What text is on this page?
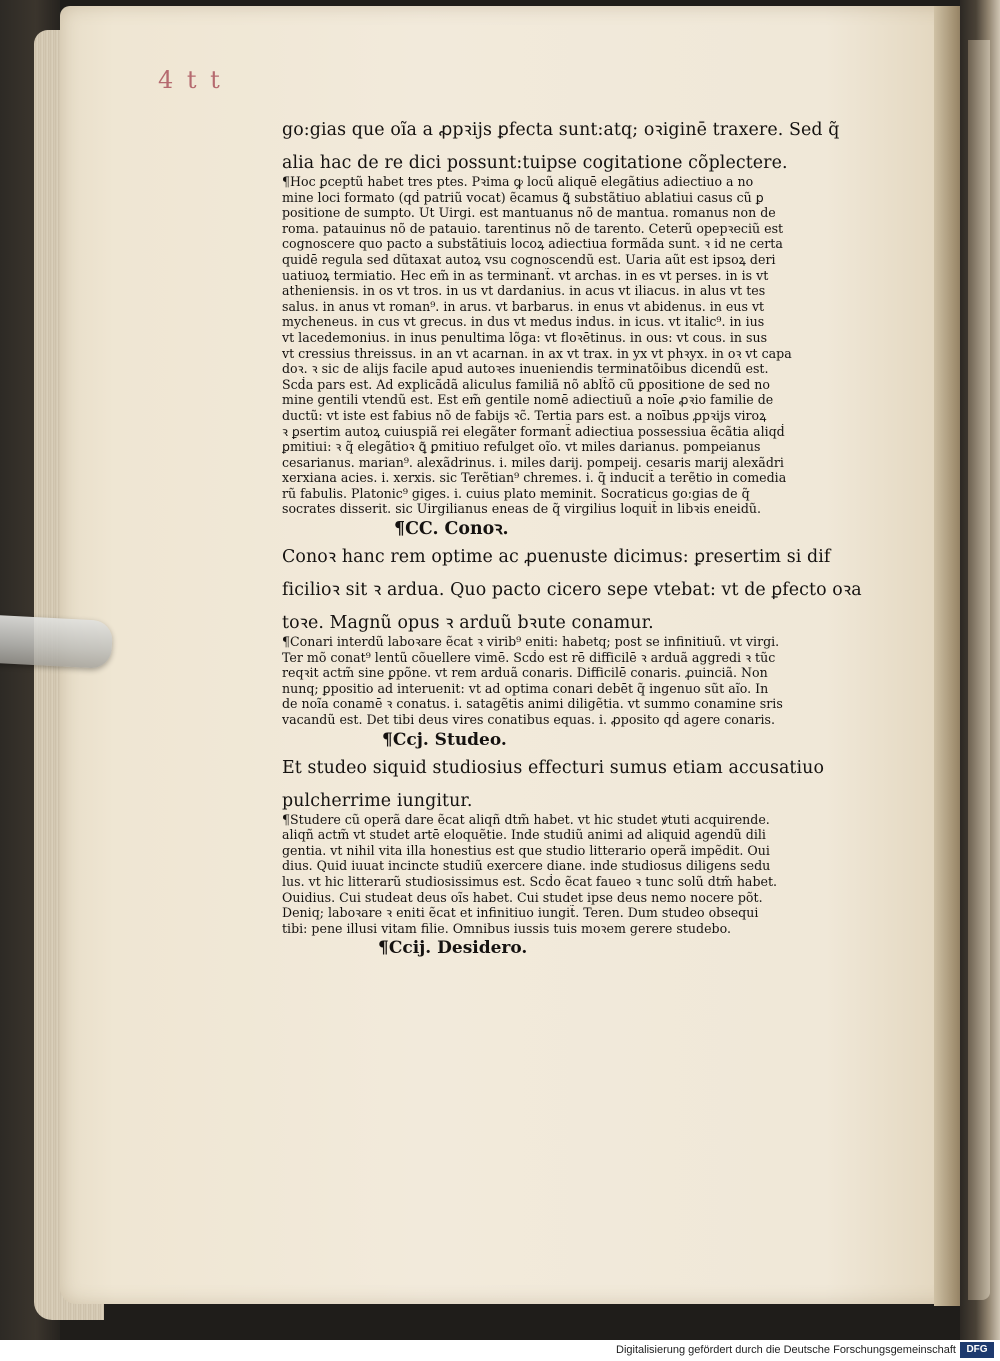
4 t t

go:gias que oĩa a ꝓpꝛijs ꝑfecta sunt:atq; oꝛiginē traxere. Sed q̃

alia hac de re dici possunt:tuipse cogitatione cõplectere.

¶Hoc ꝑceptũ habet tres ptes. Pꝛima ꝙ locũ aliquē elegãtius adiectiuo a no

mine loci formato (qḋ patriũ vocat) ẽcamus ꝗ̃ substãtiuo ablatiui casus cũ ꝑ

positione de sumpto. Ut Uirgi. est mantuanus nõ de mantua. romanus non de

roma. patauinus nõ de patauio. tarentinus nõ de tarento. Ceterũ opepꝛeciũ est

cognoscere quo pacto a substãtiuis locoꝝ adiectiua formãda sunt. ꝛ id ne certa

quidē regula sed dũtaxat autoꝝ vsu cognoscendũ est. Uaria aũt est ipsoꝝ deri

uatiuoꝝ termiatio. Hec em̃ in as terminant̃. vt archas. in es vt perses. in is vt

atheniensis. in os vt tros. in us vt dardanius. in acus vt iliacus. in alus vt tes

salus. in anus vt roman⁹. in arus. vt barbarus. in enus vt abidenus. in eus vt

mycheneus. in cus vt grecus. in dus vt medus indus. in icus. vt italic⁹. in ius

vt lacedemonius. in inus penultima lõga: vt floꝛētinus. in ous: vt cous. in sus

vt cressius threissus. in an vt acarnan. in ax vt trax. in yx vt phꝛyx. in oꝛ vt capa

doꝛ. ꝛ sic de alijs facile apud autoꝛes inueniendis terminatõibus dicendũ est.

Scḋa pars est. Ad explicãdã aliculus familiã nõ ablt̃õ cũ ꝑpositione de sed no

mine gentili vtendũ est. Est em̃ gentile nomē adiectiuũ a noīe ꝓꝛio familie de

ductũ: vt iste est fabius nõ de fabijs ꝛc̃. Tertia pars est. a noībus ꝓpꝛijs viroꝝ

ꝛ ꝑsertim autoꝝ cuiuspiã rei elegãter formant̃ adiectiua possessiua ẽcãtia aliqḋ

ꝑmitiui: ꝛ q̃ elegãtioꝛ ꝗ̃ ꝑmitiuo refulget oĩo. vt miles darianus. pompeianus

cesarianus. marian⁹. alexãdrinus. i. miles darij. pompeij. cesaris marij alexãdri

xerxiana acies. i. xerxis. sic Terẽtian⁹ chremes. i. q̃ inducit̃ a terẽtio in comedia

rũ fabulis. Platonic⁹ giges. i. cuius plato meminit. Socraticus go:gias de q̃

socrates disserit. sic Uirgilianus eneas de q̃ virgilius loquit̃ in libꝛis eneidũ.

¶CC. Conoꝛ.

Conoꝛ hanc rem optime ac ꝓuenuste dicimus: ꝑresertim si dif

ficilioꝛ sit ꝛ ardua. Quo pacto cicero sepe vtebat̃: vt de ꝑfecto oꝛa

toꝛe. Magnũ opus ꝛ arduũ bꝛute conamur.

¶Conari interdũ laboꝛare ẽcat ꝛ virib⁹ eniti: habetq; post se infinitiuũ. vt virgi.

Ter mõ conat⁹ lentũ cõuellere vimē. Scḋo est rē difficilē ꝛ arduã aggredi ꝛ tũc

reqꝛit actm̃ sine ꝑpõne. vt rem arduã conaris. Difficilē conaris. ꝓuinciã. Non

nunq; ꝑpositio ad interuenit: vt ad optima conari debēt q̃ ingenuo sũt aĩo. In

de noĩa conamē ꝛ conatus. i. satagẽtis animi diligẽtia. vt summo conamine sris

vacandũ est. Det tibi deus vires conatibus equas. i. ꝓposito qḋ agere conaris.

¶Ccj. Studeo.

Et studeo siquid studiosius effecturi sumus etiam accusatiuo

pulcherrime iungitur.

¶Studere cũ operã dare ẽcat aliqñ dtm̃ habet. vt hic studet ꝟtuti acquirende.

aliqñ actm̃ vt studet artē eloquẽtie. Inde studiũ animi ad aliquid agendũ dili

gentia. vt nihil vita illa honestius est que studio litterario operã impẽdit. Oui

dius. Quid iuuat incincte studiũ exercere diane. inde studiosus diligens sedu

lus. vt hic litterarũ studiosissimus est. Scḋo ẽcat faueo ꝛ tunc solũ dtm̃ habet.

Ouidius. Cui studeat deus oĩs habet. Cui studet ipse deus nemo nocere põt.

Deniq; laboꝛare ꝛ eniti ẽcat et infinitiuo iungit̃. Teren. Dum studeo obsequi

tibi: pene illusi vitam filie. Omnibus iussis tuis moꝛem gerere studebo.

¶Ccij. Desidero.

Digitalisierung gefördert durch die Deutsche Forschungsgemeinschaft	DFG
